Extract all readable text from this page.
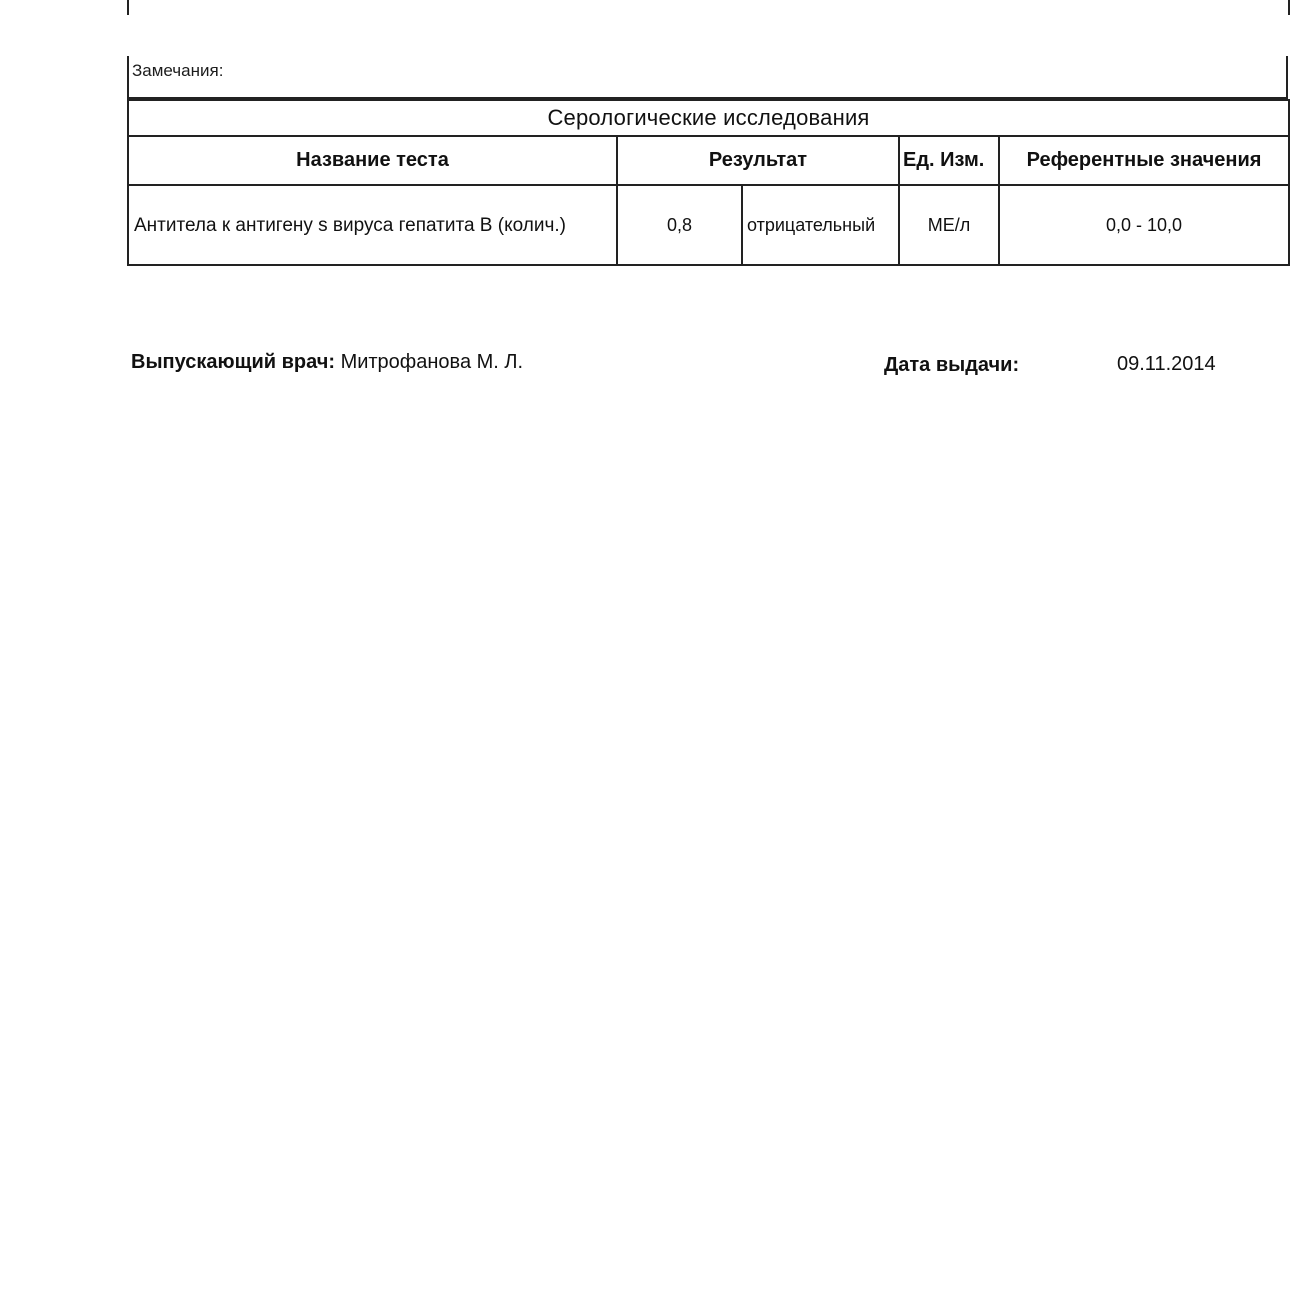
Замечания:
Серологические исследования				
Название теста	Результат		Ед. Изм.	Референтные значения
Антитела к антигену s вируса гепатита B (колич.)	0,8	отрицательный	МЕ/л	0,0 - 10,0
Выпускающий врач: Митрофанова М. Л.	Дата выдачи:	09.11.2014
